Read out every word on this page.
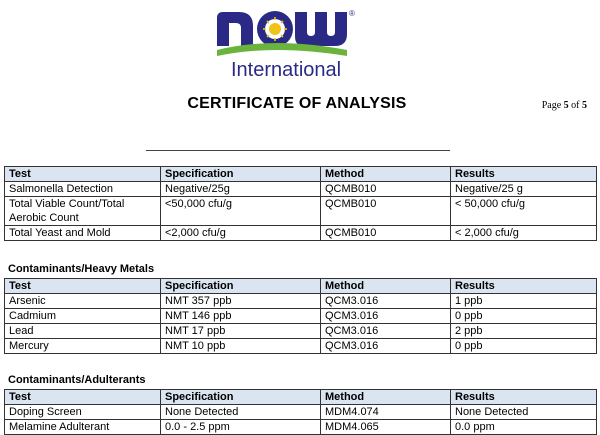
®
International
CERTIFICATE OF ANALYSIS	Page 5 of 5
Test	Specification	Method	Results
Salmonella Detection	Negative/25g	QCMB010	Negative/25 g
Total Viable Count/Total
Aerobic Count	<50,000 cfu/g	QCMB010	< 50,000 cfu/g
Total Yeast and Mold	<2,000 cfu/g	QCMB010	< 2,000 cfu/g
Contaminants/Heavy Metals
Test	Specification	Method	Results
Arsenic	NMT 357 ppb	QCM3.016	1 ppb
Cadmium	NMT 146 ppb	QCM3.016	0 ppb
Lead	NMT 17 ppb	QCM3.016	2 ppb
Mercury	NMT 10 ppb	QCM3.016	0 ppb
Contaminants/Adulterants
Test	Specification	Method	Results
Doping Screen	None Detected	MDM4.074	None Detected
Melamine Adulterant	0.0 - 2.5 ppm	MDM4.065	0.0 ppm
